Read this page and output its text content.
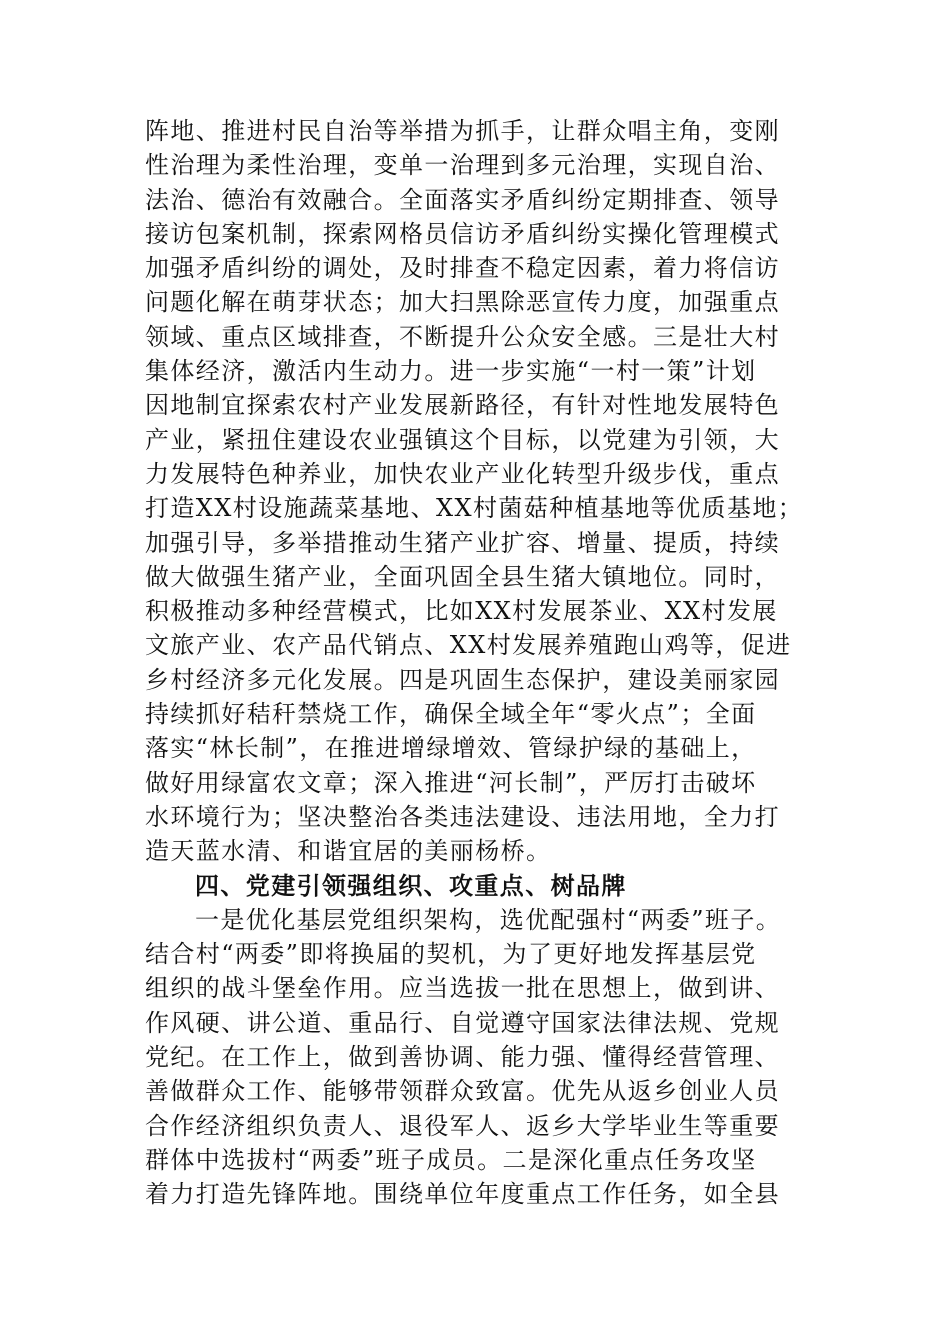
阵地、推进村民自治等举措为抓手，让群众唱主角，变刚
性治理为柔性治理，变单一治理到多元治理，实现自治、
法治、德治有效融合。全面落实矛盾纠纷定期排查、领导
接访包案机制，探索网格员信访矛盾纠纷实操化管理模式
加强矛盾纠纷的调处，及时排查不稳定因素，着力将信访
问题化解在萌芽状态；加大扫黑除恶宣传力度，加强重点
领域、重点区域排查，不断提升公众安全感。三是壮大村
集体经济，激活内生动力。进一步实施“一村一策”计划
因地制宜探索农村产业发展新路径，有针对性地发展特色
产业，紧扭住建设农业强镇这个目标，以党建为引领，大
力发展特色种养业，加快农业产业化转型升级步伐，重点
打造XX村设施蔬菜基地、XX村菌菇种植基地等优质基地；
加强引导，多举措推动生猪产业扩容、增量、提质，持续
做大做强生猪产业，全面巩固全县生猪大镇地位。同时，
积极推动多种经营模式，比如XX村发展茶业、XX村发展
文旅产业、农产品代销点、XX村发展养殖跑山鸡等，促进
乡村经济多元化发展。四是巩固生态保护，建设美丽家园
持续抓好秸秆禁烧工作，确保全域全年“零火点”；全面
落实“林长制”，在推进增绿增效、管绿护绿的基础上，
做好用绿富农文章；深入推进“河长制”，严厉打击破坏
水环境行为；坚决整治各类违法建设、违法用地，全力打
造天蓝水清、和谐宜居的美丽杨桥。
四、党建引领强组织、攻重点、树品牌
一是优化基层党组织架构，选优配强村“两委”班子。
结合村“两委”即将换届的契机，为了更好地发挥基层党
组织的战斗堡垒作用。应当选拔一批在思想上，做到讲、
作风硬、讲公道、重品行、自觉遵守国家法律法规、党规
党纪。在工作上，做到善协调、能力强、懂得经营管理、
善做群众工作、能够带领群众致富。优先从返乡创业人员
合作经济组织负责人、退役军人、返乡大学毕业生等重要
群体中选拔村“两委”班子成员。二是深化重点任务攻坚
着力打造先锋阵地。围绕单位年度重点工作任务，如全县
